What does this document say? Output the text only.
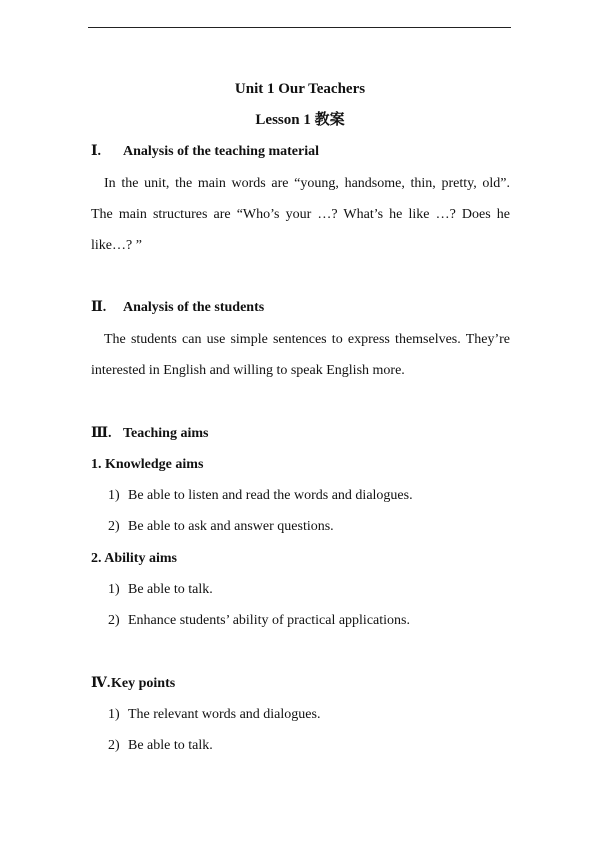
Unit 1 Our Teachers
Lesson 1 教案
Ⅰ. Analysis of the teaching material
In the unit, the main words are “young, handsome, thin, pretty, old”.
The main structures are “Who’s your …? What’s he like …? Does he
like…? ”
Ⅱ. Analysis of the students
The students can use simple sentences to express themselves. They’re
interested in English and willing to speak English more.
Ⅲ. Teaching aims
1. Knowledge aims
1) Be able to listen and read the words and dialogues.
2) Be able to ask and answer questions.
2. Ability aims
1) Be able to talk.
2) Enhance students’ ability of practical applications.
Ⅳ.Key points
1) The relevant words and dialogues.
2) Be able to talk.
